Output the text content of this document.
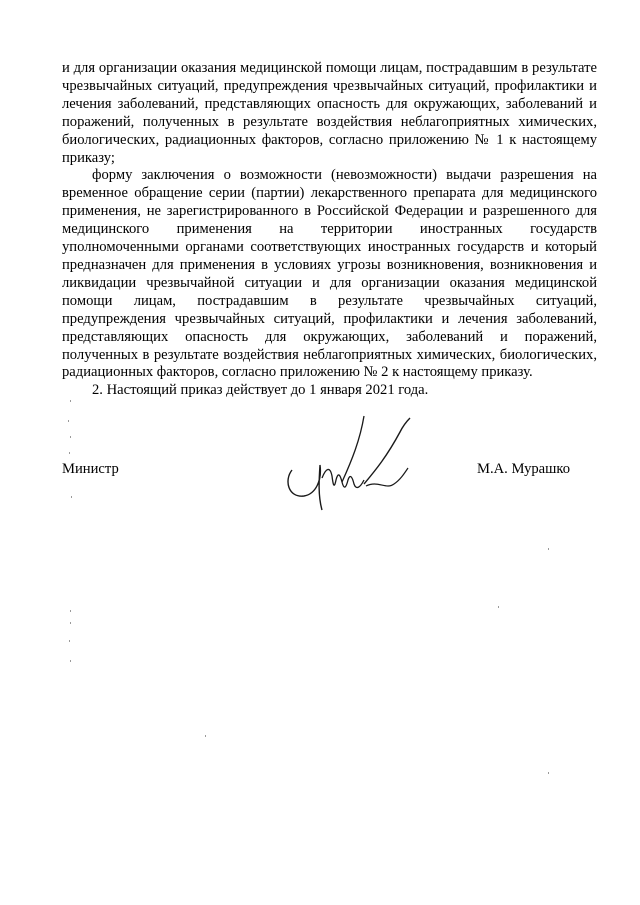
и для организации оказания медицинской помощи лицам, пострадавшим в результате чрезвычайных ситуаций, предупреждения чрезвычайных ситуаций, профилактики и лечения заболеваний, представляющих опасность для окружающих, заболеваний и поражений, полученных в результате воздействия неблагоприятных химических, биологических, радиационных факторов, согласно приложению № 1 к настоящему приказу;

форму заключения о возможности (невозможности) выдачи разрешения на временное обращение серии (партии) лекарственного препарата для медицинского применения, не зарегистрированного в Российской Федерации и разрешенного для медицинского применения на территории иностранных государств уполномоченными органами соответствующих иностранных государств и который предназначен для применения в условиях угрозы возникновения, возникновения и ликвидации чрезвычайной ситуации и для организации оказания медицинской помощи лицам, пострадавшим в результате чрезвычайных ситуаций, предупреждения чрезвычайных ситуаций, профилактики и лечения заболеваний, представляющих опасность для окружающих, заболеваний и поражений, полученных в результате воздействия неблагоприятных химических, биологических, радиационных факторов, согласно приложению № 2 к настоящему приказу.

2. Настоящий приказ действует до 1 января 2021 года.

Министр	М.А. Мурашко
